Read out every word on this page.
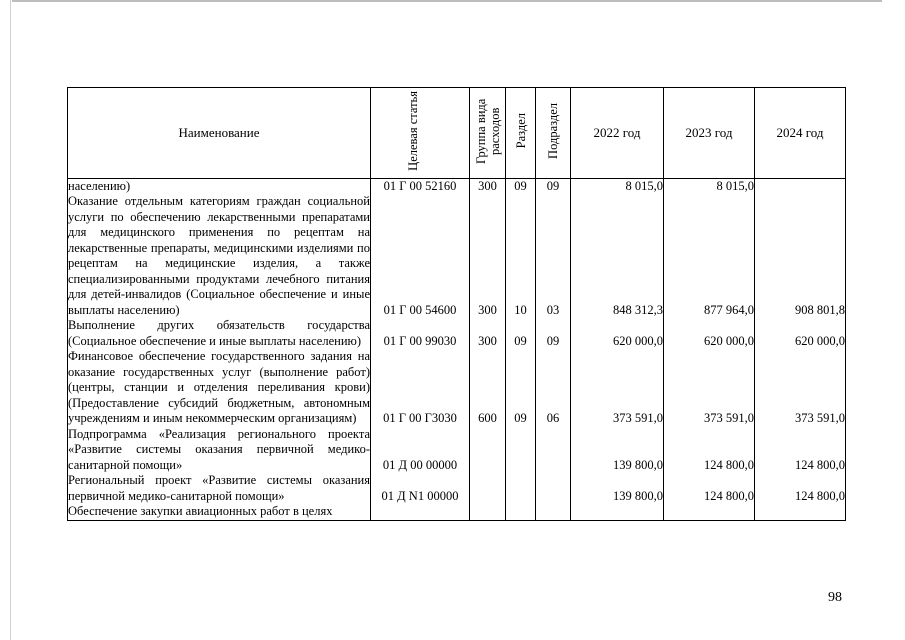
Наименование	Целевая статья	Группа вида расходов	Раздел	Подраздел	2022 год	2023 год	2024 год
населению)	01 Г 00 52160	300	09	09	8 015,0	8 015,0	
Оказание отдельным категориям граждан социальной услуги по обеспечению лекарственными препаратами для медицинского применения по рецептам на лекарственные препараты, медицинскими изделиями по рецептам на медицинские изделия, а также специализированными продуктами лечебного питания для детей-инвалидов (Социальное обеспечение и иные выплаты населению)	01 Г 00 54600	300	10	03	848 312,3	877 964,0	908 801,8
Выполнение других обязательств государства (Социальное обеспечение и иные выплаты населению)	01 Г 00 99030	300	09	09	620 000,0	620 000,0	620 000,0
Финансовое обеспечение государственного задания на оказание государственных услуг (выполнение работ) (центры, станции и отделения переливания крови) (Предоставление субсидий бюджетным, автономным учреждениям и иным некоммерческим организациям)	01 Г 00 Г3030	600	09	06	373 591,0	373 591,0	373 591,0
Подпрограмма «Реализация регионального проекта «Развитие системы оказания первичной медико-санитарной помощи»	01 Д 00 00000				139 800,0	124 800,0	124 800,0
Региональный проект «Развитие системы оказания первичной медико-санитарной помощи»	01 Д N1 00000				139 800,0	124 800,0	124 800,0
Обеспечение закупки авиационных работ в целях							
98
